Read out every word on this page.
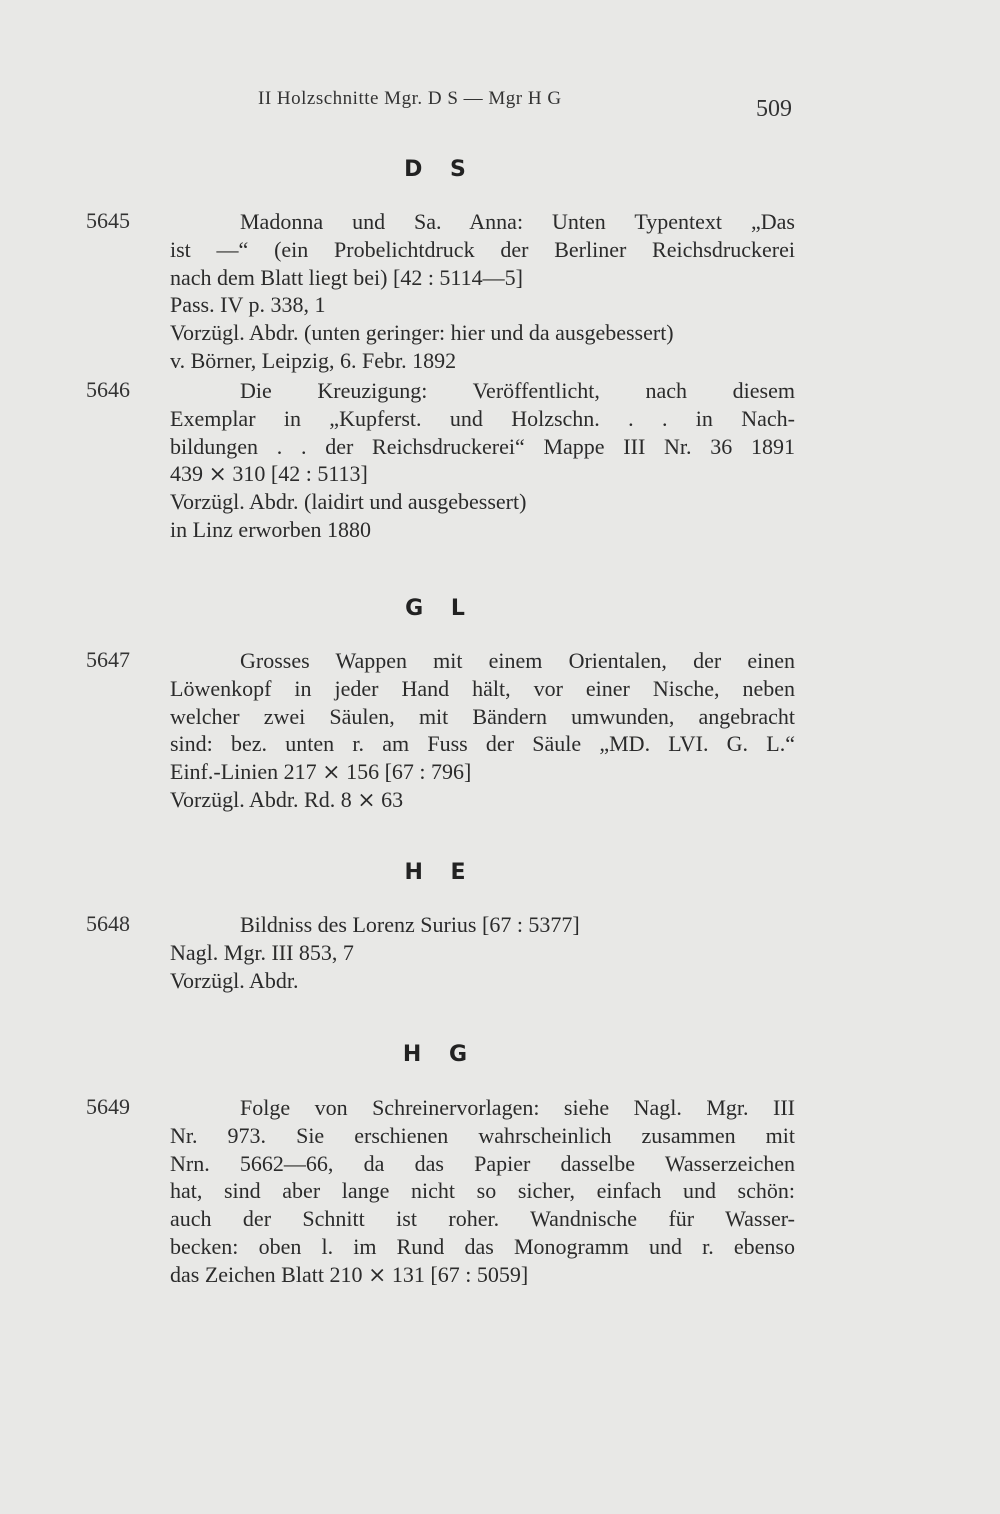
II Holzschnitte Mgr. D S — Mgr H G	509
D S
5645	Madonna und Sa. Anna: Unten Typentext „Das
ist —“ (ein Probelichtdruck der Berliner Reichsdruckerei
nach dem Blatt liegt bei) [42 : 5114—5]
Pass. IV p. 338, 1
Vorzügl. Abdr. (unten geringer: hier und da ausgebessert)
v. Börner, Leipzig, 6. Febr. 1892
5646	Die Kreuzigung: Veröffentlicht, nach diesem
Exemplar in „Kupferst. und Holzschn. . . in Nach-
bildungen . . der Reichsdruckerei“ Mappe III Nr. 36 1891
439 ⨯ 310 [42 : 5113]
Vorzügl. Abdr. (laidirt und ausgebessert)
in Linz erworben 1880
G L
5647	Grosses Wappen mit einem Orientalen, der einen
Löwenkopf in jeder Hand hält, vor einer Nische, neben
welcher zwei Säulen, mit Bändern umwunden, angebracht
sind: bez. unten r. am Fuss der Säule „MD. LVI. G. L.“
Einf.-Linien 217 ⨯ 156 [67 : 796]
Vorzügl. Abdr. Rd. 8 ⨯ 63
H E
5648	Bildniss des Lorenz Surius [67 : 5377]
Nagl. Mgr. III 853, 7
Vorzügl. Abdr.
H G
5649	Folge von Schreinervorlagen: siehe Nagl. Mgr. III
Nr. 973. Sie erschienen wahrscheinlich zusammen mit
Nrn. 5662—66, da das Papier dasselbe Wasserzeichen
hat, sind aber lange nicht so sicher, einfach und schön:
auch der Schnitt ist roher. Wandnische für Wasser-
becken: oben l. im Rund das Monogramm und r. ebenso
das Zeichen Blatt 210 ⨯ 131 [67 : 5059]
